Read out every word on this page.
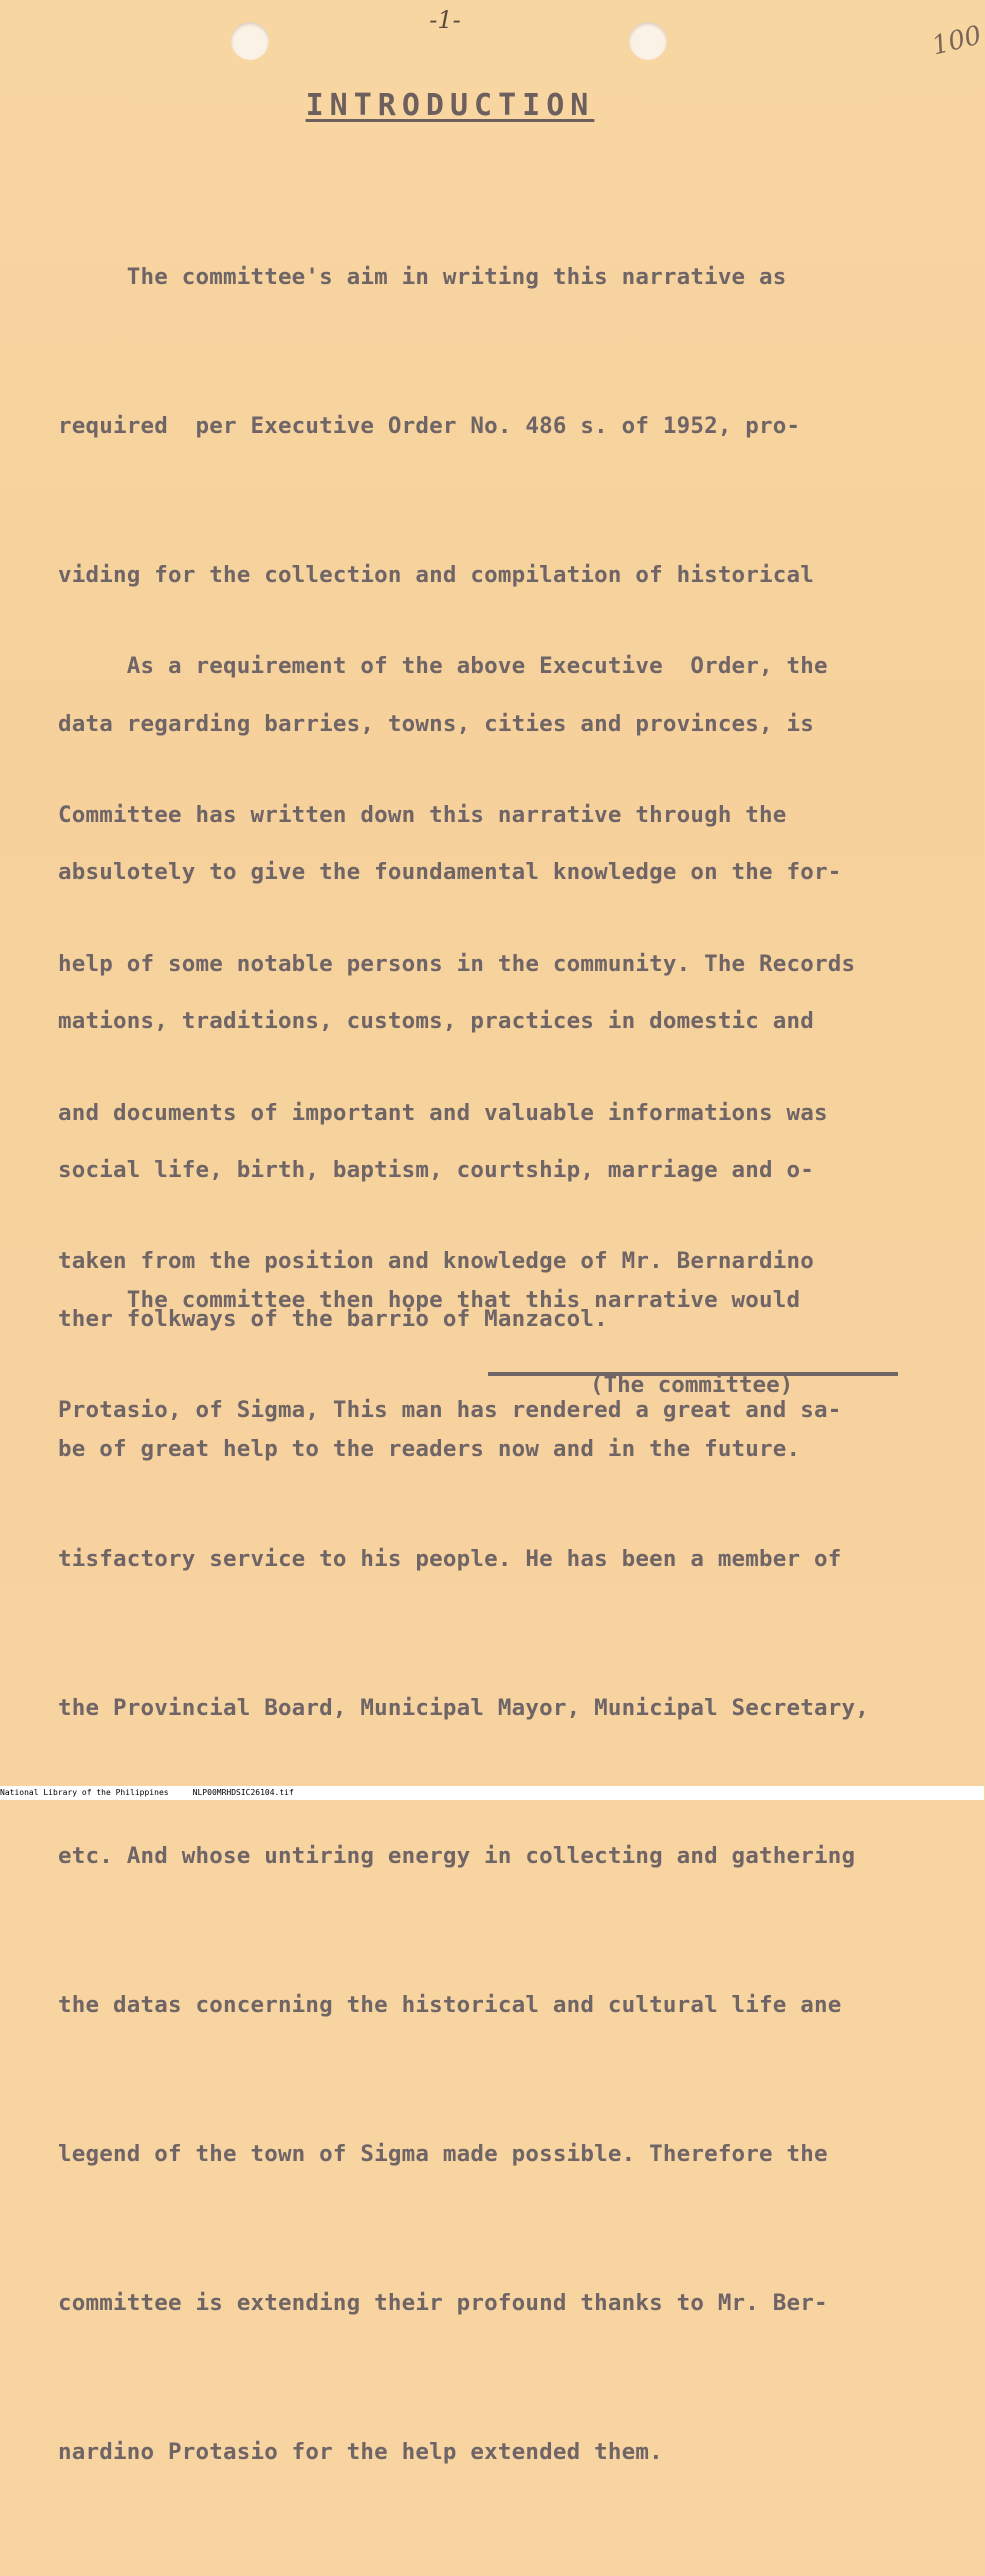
-1-
100
INTRODUCTION

The committee's aim in writing this narrative as

required  per Executive Order No. 486 s. of 1952, pro-

viding for the collection and compilation of historical

data regarding barries, towns, cities and provinces, is

absulotely to give the foundamental knowledge on the for-

mations, traditions, customs, practices in domestic and

social life, birth, baptism, courtship, marriage and o-

ther folkways of the barrio of Manzacol.

As a requirement of the above Executive  Order, the

Committee has written down this narrative through the

help of some notable persons in the community. The Records

and documents of important and valuable informations was

taken from the position and knowledge of Mr. Bernardino

Protasio, of Sigma, This man has rendered a great and sa-

tisfactory service to his people. He has been a member of

the Provincial Board, Municipal Mayor, Municipal Secretary,

etc. And whose untiring energy in collecting and gathering

the datas concerning the historical and cultural life ane

legend of the town of Sigma made possible. Therefore the

committee is extending their profound thanks to Mr. Ber-

nardino Protasio for the help extended them.

The committee then hope that this narrative would

be of great help to the readers now and in the future.

(The committee)
National Library of the Philippines	NLP00MRHDSIC26104.tif
